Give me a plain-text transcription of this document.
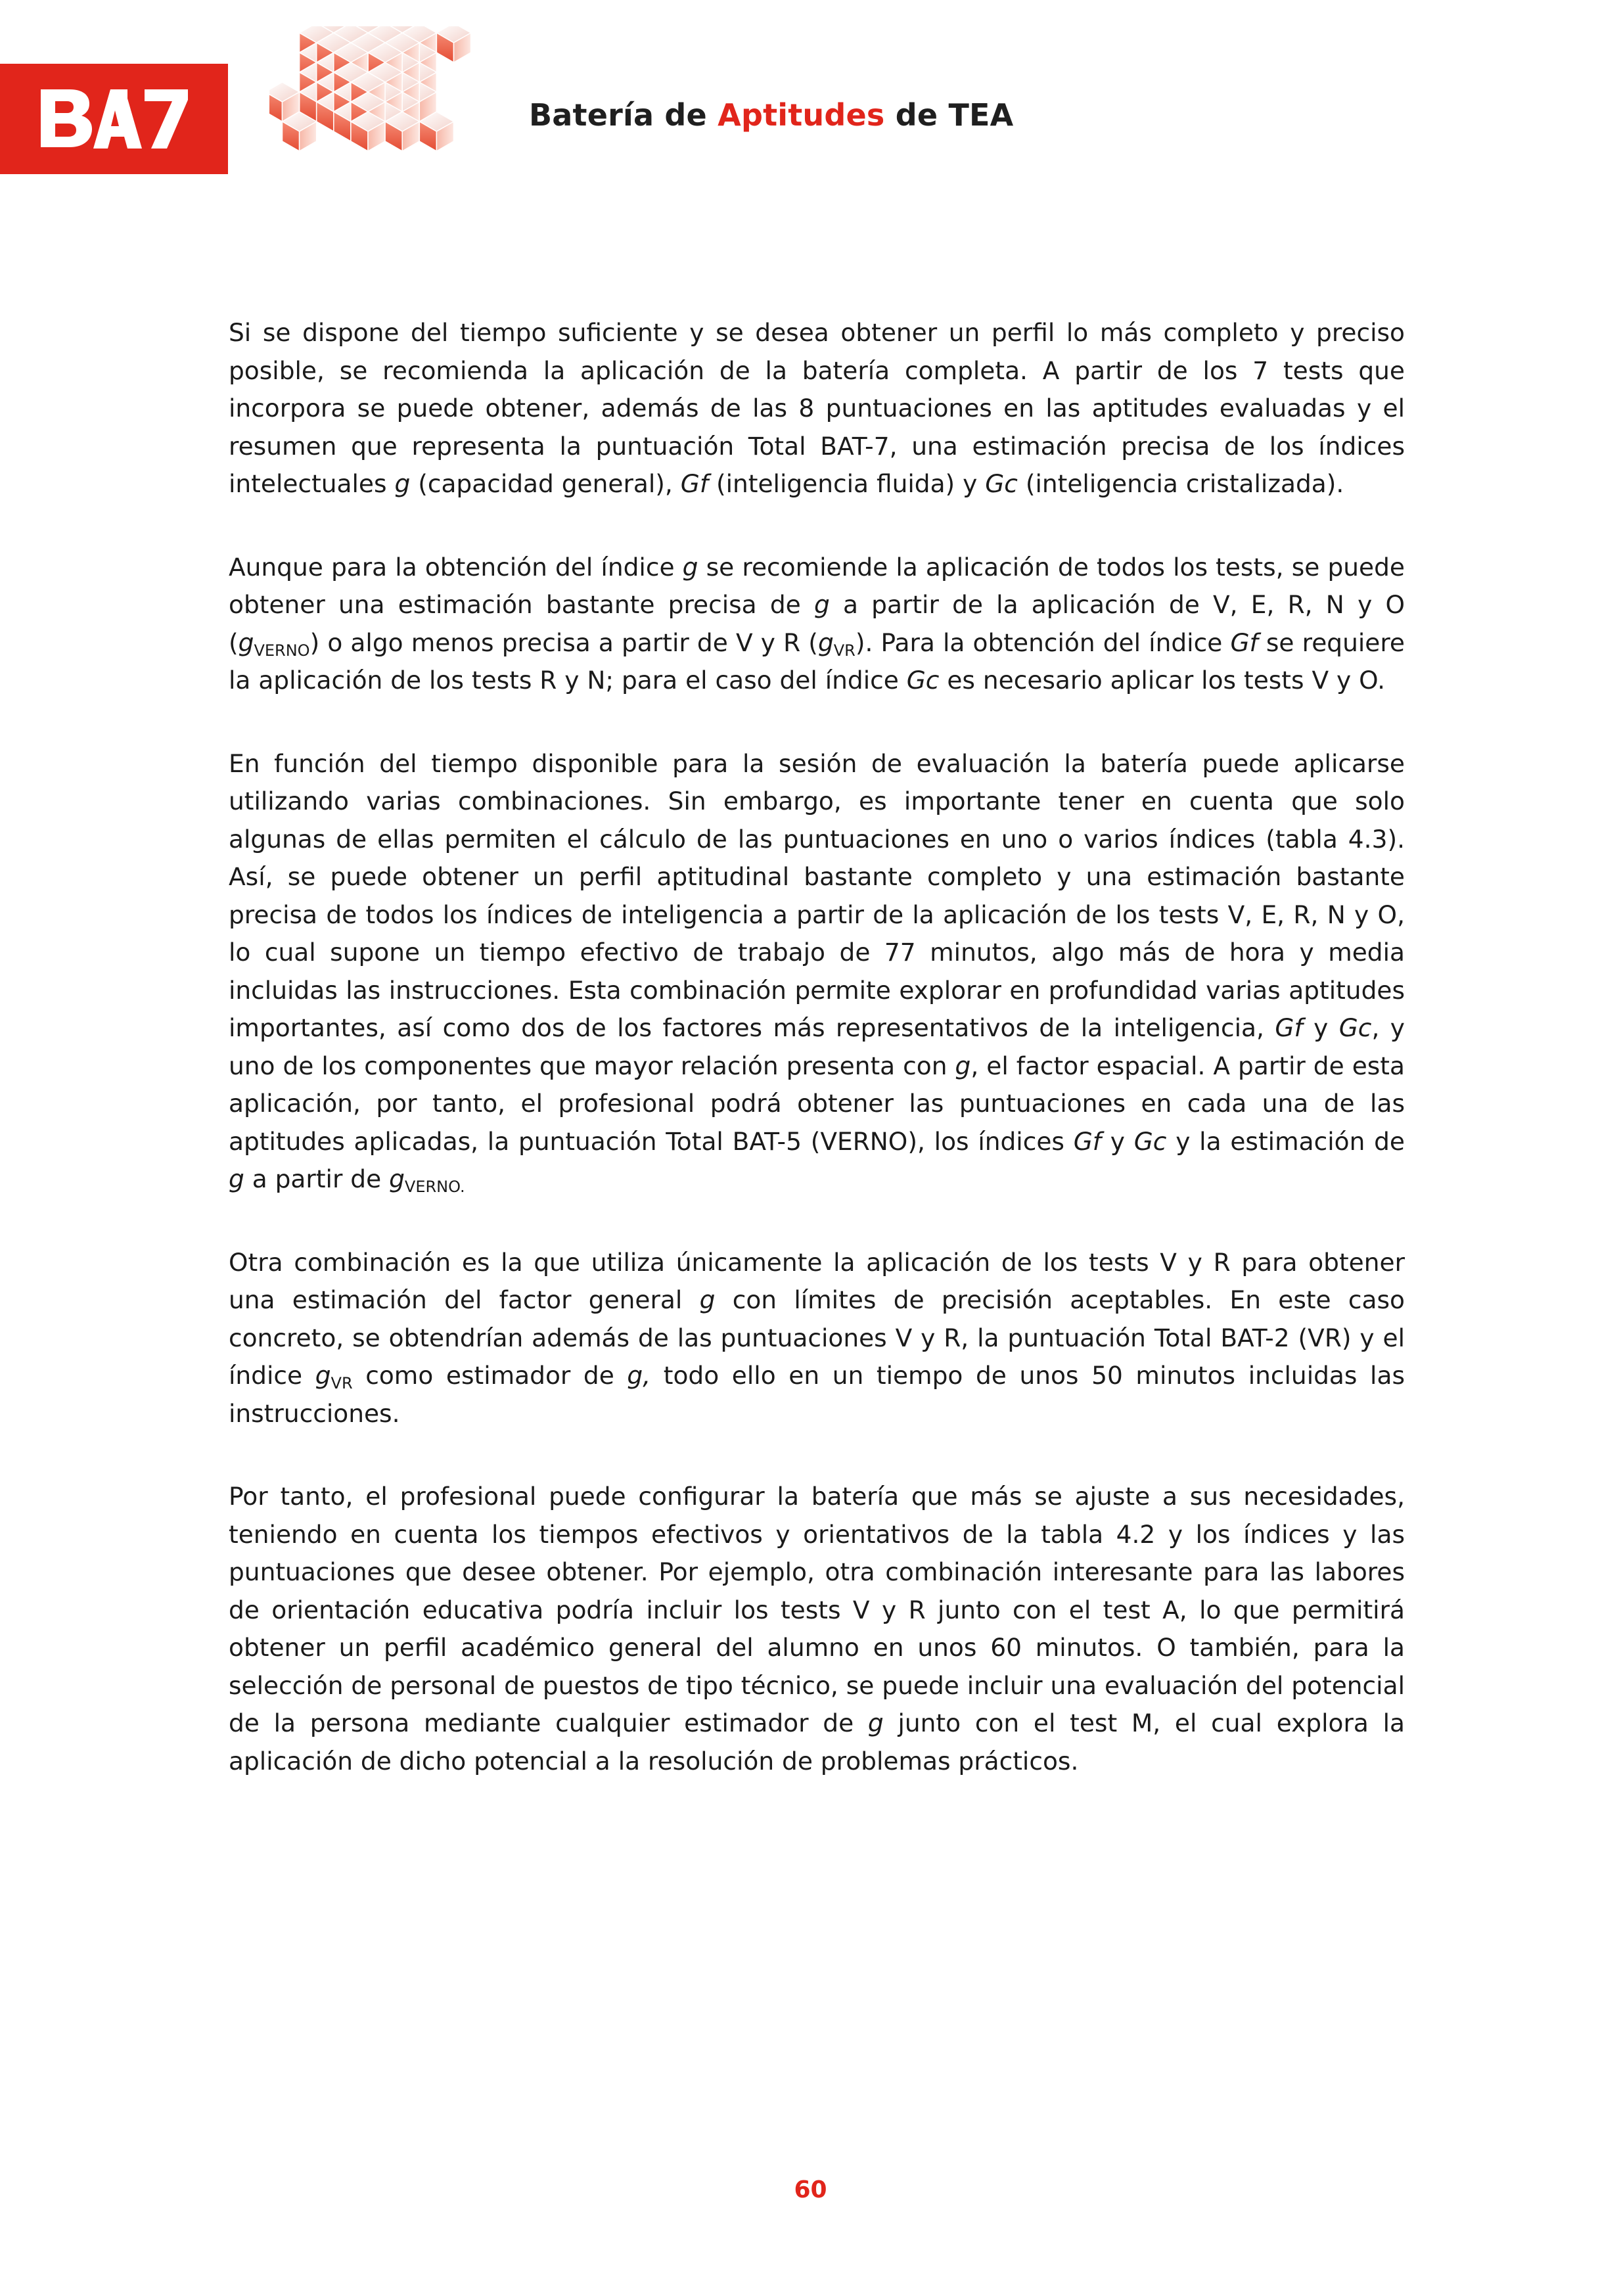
Batería de Aptitudes de TEA

Si se dispone del tiempo suficiente y se desea obtener un perfil lo más completo y preciso posible, se recomienda la aplicación de la batería completa. A partir de los 7 tests que incorpora se puede obtener, además de las 8 puntuaciones en las aptitudes evaluadas y el resumen que representa la puntuación Total BAT-7, una estimación precisa de los índices intelectuales g (capacidad general), Gf (inteligencia fluida) y Gc (inteligencia cristalizada).

Aunque para la obtención del índice g se recomiende la aplicación de todos los tests, se puede obtener una estimación bastante precisa de g a partir de la aplicación de V, E, R, N y O $(g_{VERNO})$ o algo menos precisa a partir de V y R $(g_{VR})$. Para la obtención del índice Gf se requiere la aplicación de los tests R y N; para el caso del índice Gc es necesario aplicar los tests V y O.

En función del tiempo disponible para la sesión de evaluación la batería puede aplicarse utilizando varias combinaciones. Sin embargo, es importante tener en cuenta que solo algunas de ellas permiten el cálculo de las puntuaciones en uno o varios índices (tabla 4.3). Así, se puede obtener un perfil aptitudinal bastante completo y una estimación bastante precisa de todos los índices de inteligencia a partir de la aplicación de los tests V, E, R, N y O, lo cual supone un tiempo efectivo de trabajo de 77 minutos, algo más de hora y media incluidas las instrucciones. Esta combinación permite explorar en profundidad varias aptitudes importantes, así como dos de los factores más representativos de la inteligencia, Gf y Gc, y uno de los componentes que mayor relación presenta con g, el factor espacial. A partir de esta aplicación, por tanto, el profesional podrá obtener las puntuaciones en cada una de las aptitudes aplicadas, la puntuación Total BAT-5 (VERNO), los índices Gf y Gc y la estimación de g a partir de $g_{VERNO.}$

Otra combinación es la que utiliza únicamente la aplicación de los tests V y R para obtener una estimación del factor general g con límites de precisión aceptables. En este caso concreto, se obtendrían además de las puntuaciones V y R, la puntuación Total BAT-2 (VR) y el índice $g_{VR}$ como estimador de g, todo ello en un tiempo de unos 50 minutos incluidas las instrucciones.

Por tanto, el profesional puede configurar la batería que más se ajuste a sus necesidades, teniendo en cuenta los tiempos efectivos y orientativos de la tabla 4.2 y los índices y las puntuaciones que desee obtener. Por ejemplo, otra combinación interesante para las labores de orientación educativa podría incluir los tests V y R junto con el test A, lo que permitirá obtener un perfil académico general del alumno en unos 60 minutos. O también, para la selección de personal de puestos de tipo técnico, se puede incluir una evaluación del potencial de la persona mediante cualquier estimador de g junto con el test M, el cual explora la aplicación de dicho potencial a la resolución de problemas prácticos.

60
